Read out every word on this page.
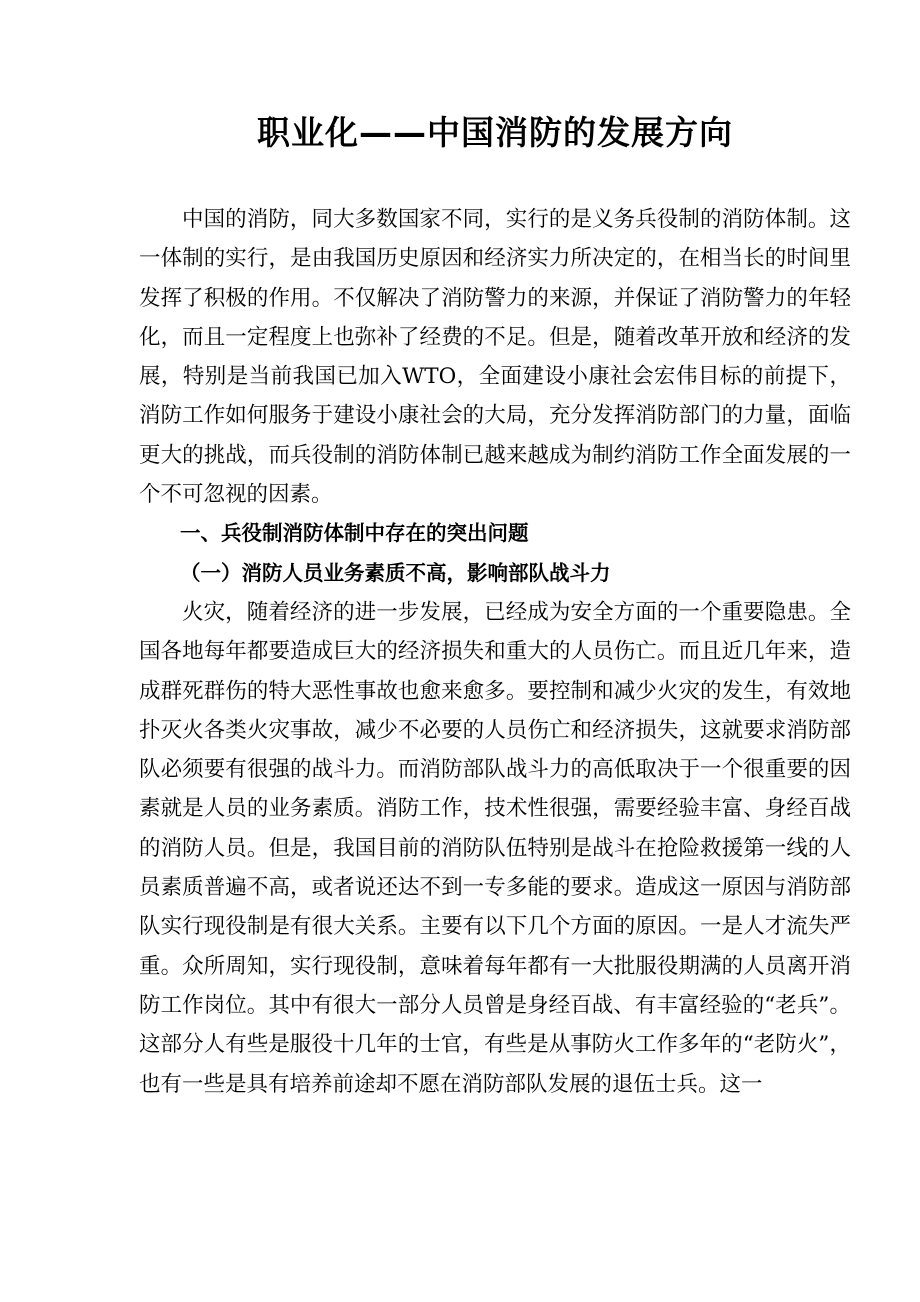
职业化——中国消防的发展方向

中国的消防，同大多数国家不同，实行的是义务兵役制的消防体制。这一体制的实行，是由我国历史原因和经济实力所决定的，在相当长的时间里发挥了积极的作用。不仅解决了消防警力的来源，并保证了消防警力的年轻化，而且一定程度上也弥补了经费的不足。但是，随着改革开放和经济的发展，特别是当前我国已加入WTO，全面建设小康社会宏伟目标的前提下，消防工作如何服务于建设小康社会的大局，充分发挥消防部门的力量，面临更大的挑战，而兵役制的消防体制已越来越成为制约消防工作全面发展的一个不可忽视的因素。

一、兵役制消防体制中存在的突出问题

（一）消防人员业务素质不高，影响部队战斗力

火灾，随着经济的进一步发展，已经成为安全方面的一个重要隐患。全国各地每年都要造成巨大的经济损失和重大的人员伤亡。而且近几年来，造成群死群伤的特大恶性事故也愈来愈多。要控制和减少火灾的发生，有效地扑灭火各类火灾事故，减少不必要的人员伤亡和经济损失，这就要求消防部队必须要有很强的战斗力。而消防部队战斗力的高低取决于一个很重要的因素就是人员的业务素质。消防工作，技术性很强，需要经验丰富、身经百战的消防人员。但是，我国目前的消防队伍特别是战斗在抢险救援第一线的人员素质普遍不高，或者说还达不到一专多能的要求。造成这一原因与消防部队实行现役制是有很大关系。主要有以下几个方面的原因。一是人才流失严重。众所周知，实行现役制，意味着每年都有一大批服役期满的人员离开消防工作岗位。其中有很大一部分人员曾是身经百战、有丰富经验的“老兵”。这部分人有些是服役十几年的士官，有些是从事防火工作多年的“老防火”，也有一些是具有培养前途却不愿在消防部队发展的退伍士兵。这一
